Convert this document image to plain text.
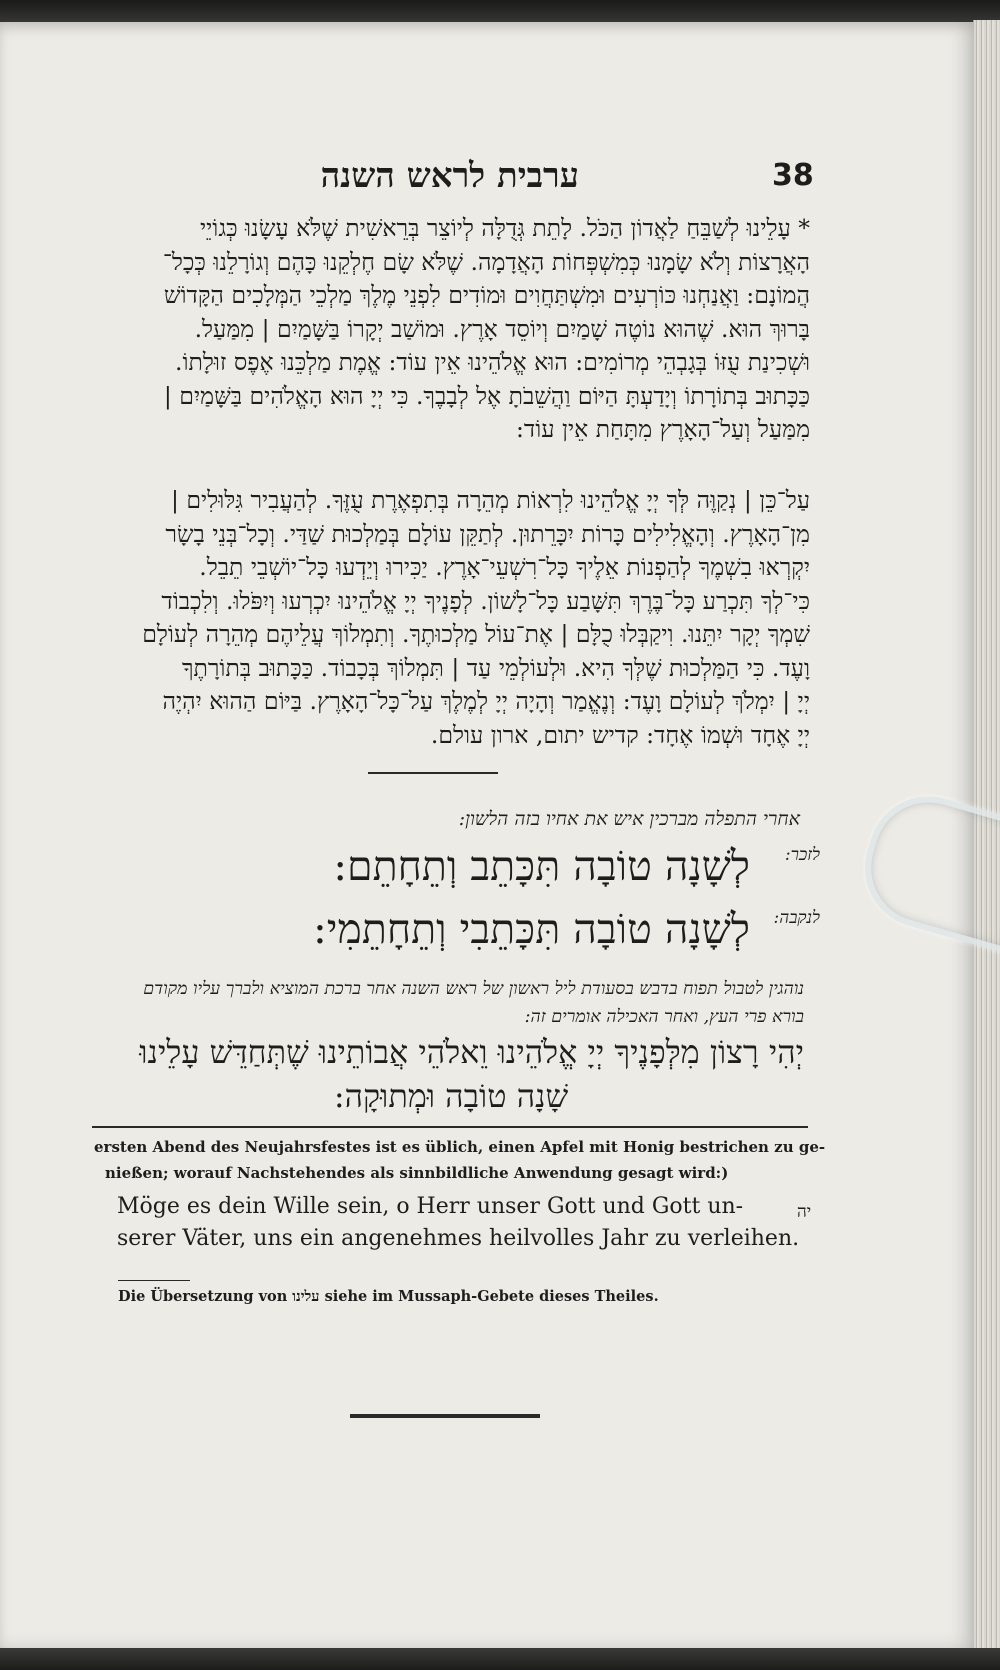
ערבית לראש השנה	38
* עָלֵינוּ לְשַׁבֵּחַ לַאֲדוֹן הַכֹּל. לָתֵת גְּדֻלָּה לְיוֹצֵר בְּרֵאשִׁית שֶׁלֹּא עָשָׂנוּ כְּגוֹיֵי
הָאֲרָצוֹת וְלֹא שָׂמָנוּ כְּמִשְׁפְּחוֹת הָאֲדָמָה. שֶׁלֹּא שָׂם חֶלְקֵנוּ כָּהֶם וְגוֹרָלֵנוּ כְּכָל־
הֲמוֹנָם: וַאֲנַחְנוּ כּוֹרְעִים וּמִשְׁתַּחֲוִים וּמוֹדִים לִפְנֵי מֶלֶךְ מַלְכֵי הַמְּלָכִים הַקָּדוֹשׁ
בָּרוּךְ הוּא. שֶׁהוּא נוֹטֶה שָׁמַיִם וְיוֹסֵד אָרֶץ. וּמוֹשַׁב יְקָרוֹ בַּשָּׁמַיִם | מִמַּעַל.
וּשְׁכִינַת עֻזּוֹ בְּגָבְהֵי מְרוֹמִים: הוּא אֱלֹהֵינוּ אֵין עוֹד: אֱמֶת מַלְכֵּנוּ אֶפֶס זוּלָתוֹ.
כַּכָּתוּב בְּתוֹרָתוֹ וְיָדַעְתָּ הַיּוֹם וַהֲשֵׁבֹתָ אֶל לְבָבֶךָ. כִּי יְיָ הוּא הָאֱלֹהִים בַּשָּׁמַיִם |
מִמַּעַל וְעַל־הָאָרֶץ מִתָּחַת אֵין עוֹד:
עַל־כֵּן | נְקַוֶּה לְּךָ יְיָ אֱלֹהֵינוּ לִרְאוֹת מְהֵרָה בְּתִפְאֶרֶת עֻזֶּךָ. לְהַעֲבִיר גִּלּוּלִים |
מִן־הָאָרֶץ. וְהָאֱלִילִים כָּרוֹת יִכָּרֵתוּן. לְתַקֵּן עוֹלָם בְּמַלְכוּת שַׁדַּי. וְכָל־בְּנֵי בָשָׂר
יִקְרְאוּ בִשְׁמֶךָ לְהַפְנוֹת אֵלֶיךָ כָּל־רִשְׁעֵי־אָרֶץ. יַכִּירוּ וְיֵדְעוּ כָּל־יוֹשְׁבֵי תֵבֵל.
כִּי־לְךָ תִּכְרַע כָּל־בֶּרֶךְ תִּשָּׁבַע כָּל־לָשׁוֹן. לְפָנֶיךָ יְיָ אֱלֹהֵינוּ יִכְרְעוּ וְיִפֹּלוּ. וְלִכְבוֹד
שִׁמְךָ יְקָר יִתֵּנוּ. וִיקַבְּלוּ כֻלָּם | אֶת־עוֹל מַלְכוּתֶךָ. וְתִמְלוֹךְ עֲלֵיהֶם מְהֵרָה לְעוֹלָם
וָעֶד. כִּי הַמַּלְכוּת שֶׁלְּךָ הִיא. וּלְעוֹלְמֵי עַד | תִּמְלוֹךְ בְּכָבוֹד. כַּכָּתוּב בְּתוֹרָתֶךָ
יְיָ | יִמְלֹךְ לְעוֹלָם וָעֶד: וְנֶאֱמַר וְהָיָה יְיָ לְמֶלֶךְ עַל־כָּל־הָאָרֶץ. בַּיּוֹם הַהוּא יִהְיֶה
יְיָ אֶחָד וּשְׁמוֹ אֶחָד: קדיש יתום, ארון עולם.
אחרי התפלה מברכין איש את אחיו בזה הלשון:
לְשָׁנָה טוֹבָה תִּכָּתֵב וְתֵחָתֵם:	לזכר:
לְשָׁנָה טוֹבָה תִּכָּתֵבִי וְתֵחָתֵמִי:	לנקבה:
נוהגין לטבול תפוח בדבש בסעודת ליל ראשון של ראש השנה אחר ברכת המוציא ולברך עליו מקודם
בורא פרי העץ, ואחר האכילה אומרים זה:
יְהִי רָצוֹן מִלְּפָנֶיךָ יְיָ אֱלֹהֵינוּ וֵאלֹהֵי אֲבוֹתֵינוּ שֶׁתְּחַדֵּשׁ עָלֵינוּ
שָׁנָה טוֹבָה וּמְתוּקָה:
ersten Abend des Neujahrsfestes ist es üblich, einen Apfel mit Honig bestrichen zu ge-
nießen; worauf Nachstehendes als sinnbildliche Anwendung gesagt wird:)
יה
Möge es dein Wille sein, o Herr unser Gott und Gott un-
serer Väter, uns ein angenehmes heilvolles Jahr zu verleihen.
Die Übersetzung von עלינו siehe im Mussaph-Gebete dieses Theiles.
